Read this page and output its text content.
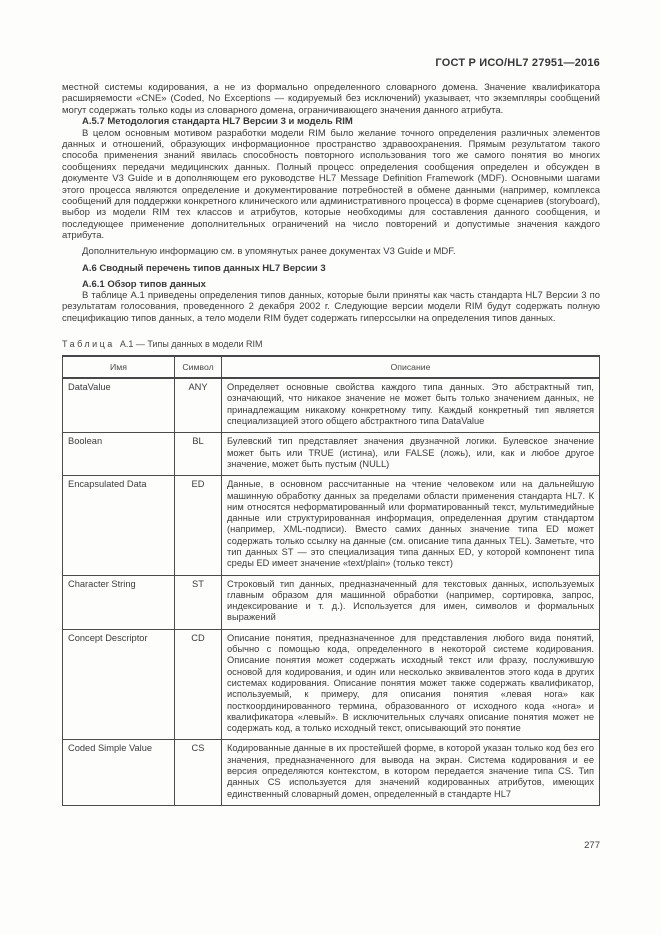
ГОСТ Р ИСО/HL7 27951—2016

местной системы кодирования, а не из формально определенного словарного домена. Значение квалификатора расширяемости «CNE» (Coded, No Exceptions — кодируемый без исключений) указывает, что экземпляры сообщений могут содержать только коды из словарного домена, ограничивающего значения данного атрибута.

А.5.7 Методология стандарта HL7 Версии 3 и модель RIM

В целом основным мотивом разработки модели RIM было желание точного определения различных элементов данных и отношений, образующих информационное пространство здравоохранения. Прямым результатом такого способа применения знаний явилась способность повторного использования того же самого понятия во многих сообщениях передачи медицинских данных. Полный процесс определения сообщения определен и обсужден в документе V3 Guide и в дополняющем его руководстве HL7 Message Definition Framework (MDF). Основными шагами этого процесса являются определение и документирование потребностей в обмене данными (например, комплекса сообщений для поддержки конкретного клинического или административного процесса) в форме сценариев (storyboard), выбор из модели RIM тех классов и атрибутов, которые необходимы для составления данного сообщения, и последующее применение дополнительных ограничений на число повторений и допустимые значения каждого атрибута.

Дополнительную информацию см. в упомянутых ранее документах V3 Guide и MDF.

А.6 Сводный перечень типов данных HL7 Версии 3

А.6.1 Обзор типов данных

В таблице А.1 приведены определения типов данных, которые были приняты как часть стандарта HL7 Версии 3 по результатам голосования, проведенного 2 декабря 2002 г. Следующие версии модели RIM будут содержать полную спецификацию типов данных, а тело модели RIM будет содержать гиперссылки на определения типов данных.

Таблица А.1 — Типы данных в модели RIM
Имя	Символ	Описание
DataValue	ANY	Определяет основные свойства каждого типа данных. Это абстрактный тип, означающий, что никакое значение не может быть только значением данных, не принадлежащим никакому конкретному типу. Каждый конкретный тип является специализацией этого общего абстрактного типа DataValue
Boolean	BL	Булевский тип представляет значения двузначной логики. Булевское значение может быть или TRUE (истина), или FALSE (ложь), или, как и любое другое значение, может быть пустым (NULL)
Encapsulated Data	ED	Данные, в основном рассчитанные на чтение человеком или на дальнейшую машинную обработку данных за пределами области применения стандарта HL7. К ним относятся неформатированный или форматированный текст, мультимедийные данные или структурированная информация, определенная другим стандартом (например, XML-подписи). Вместо самих данных значение типа ED может содержать только ссылку на данные (см. описание типа данных TEL). Заметьте, что тип данных ST — это специализация типа данных ED, у которой компонент типа среды ED имеет значение «text/plain» (только текст)
Character String	ST	Строковый тип данных, предназначенный для текстовых данных, используемых главным образом для машинной обработки (например, сортировка, запрос, индексирование и т. д.). Используется для имен, символов и формальных выражений
Concept Descriptor	CD	Описание понятия, предназначенное для представления любого вида понятий, обычно с помощью кода, определенного в некоторой системе кодирования. Описание понятия может содержать исходный текст или фразу, послужившую основой для кодирования, и один или несколько эквивалентов этого кода в других системах кодирования. Описание понятия может также содержать квалификатор, используемый, к примеру, для описания понятия «левая нога» как посткоординированного термина, образованного от исходного кода «нога» и квалификатора «левый». В исключительных случаях описание понятия может не содержать код, а только исходный текст, описывающий это понятие
Coded Simple Value	CS	Кодированные данные в их простейшей форме, в которой указан только код без его значения, предназначенного для вывода на экран. Система кодирования и ее версия определяются контекстом, в котором передается значение типа CS. Тип данных CS используется для значений кодированных атрибутов, имеющих единственный словарный домен, определенный в стандарте HL7
277
